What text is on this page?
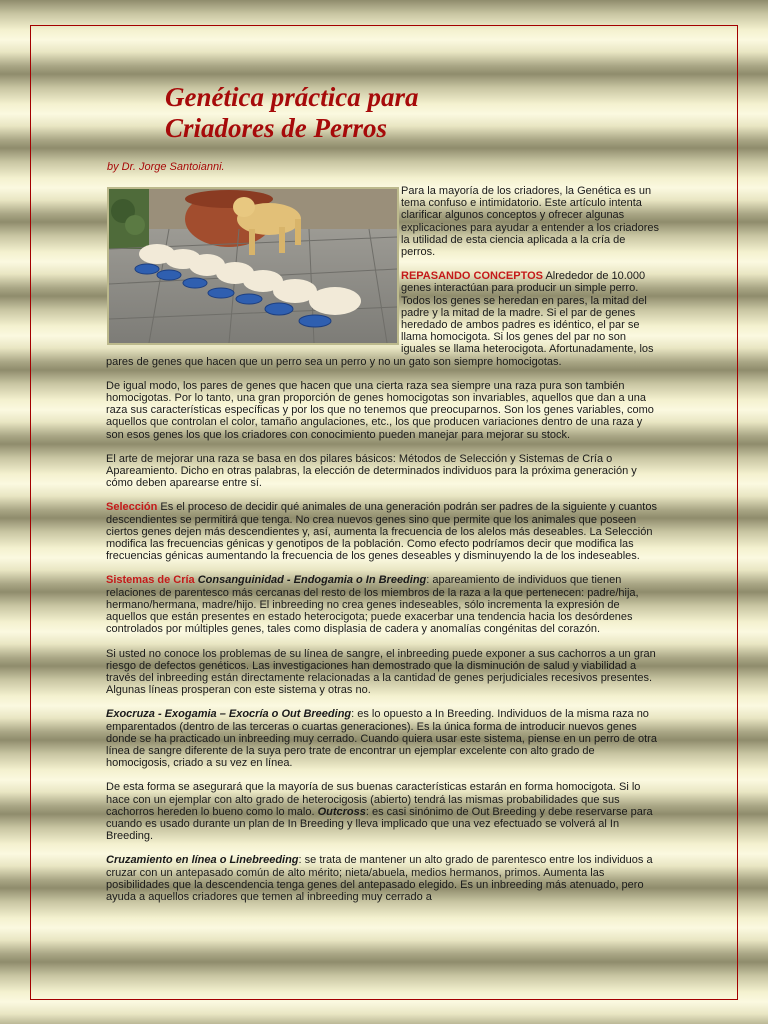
Genética práctica para
Criadores de Perros

by Dr. Jorge Santoianni.

Para la mayoría de los criadores, la Genética es un tema confuso e intimidatorio. Este artículo intenta clarificar algunos conceptos y ofrecer algunas explicaciones para ayudar a entender a los criadores la utilidad de esta ciencia aplicada a la cría de perros.

REPASANDO CONCEPTOS Alrededor de 10.000 genes interactúan para producir un simple perro. Todos los genes se heredan en pares, la mitad del padre y la mitad de la madre. Si el par de genes heredado de ambos padres es idéntico, el par se llama homocigota. Si los genes del par no son iguales se llama heterocigota. Afortunadamente, los pares de genes que hacen que un perro sea un perro y no un gato son siempre homocigotas.

De igual modo, los pares de genes que hacen que una cierta raza sea siempre una raza pura son también homocigotas. Por lo tanto, una gran proporción de genes homocigotas son invariables, aquellos que dan a una raza sus características específicas y por los que no tenemos que preocuparnos. Son los genes variables, como aquellos que controlan el color, tamaño angulaciones, etc., los que producen variaciones dentro de una raza y son esos genes los que los criadores con conocimiento pueden manejar para mejorar su stock.

El arte de mejorar una raza se basa en dos pilares básicos: Métodos de Selección y Sistemas de Cría o Apareamiento. Dicho en otras palabras, la elección de determinados individuos para la próxima generación y cómo deben aparearse entre sí.

Selección Es el proceso de decidir qué animales de una generación podrán ser padres de la siguiente y cuantos descendientes se permitirá que tenga. No crea nuevos genes sino que permite que los animales que poseen ciertos genes dejen más descendientes y, así, aumenta la frecuencia de los alelos más deseables. La Selección modifica las frecuencias génicas y genotipos de la población. Como efecto podríamos decir que modifica las frecuencias génicas aumentando la frecuencia de los genes deseables y disminuyendo la de los indeseables.

Sistemas de Cría Consanguinidad - Endogamia o In Breeding: apareamiento de individuos que tienen relaciones de parentesco más cercanas del resto de los miembros de la raza a la que pertenecen: padre/hija, hermano/hermana, madre/hijo. El inbreeding no crea genes indeseables, sólo incrementa la expresión de aquellos que están presentes en estado heterocigota; puede exacerbar una tendencia hacia los desórdenes controlados por múltiples genes, tales como displasia de cadera y anomalías congénitas del corazón.

Si usted no conoce los problemas de su línea de sangre, el inbreeding puede exponer a sus cachorros a un gran riesgo de defectos genéticos. Las investigaciones han demostrado que la disminución de salud y viabilidad a través del inbreeding están directamente relacionadas a la cantidad de genes perjudiciales recesivos presentes. Algunas líneas prosperan con este sistema y otras no.

Exocruza - Exogamia – Exocría o Out Breeding: es lo opuesto a In Breeding. Individuos de la misma raza no emparentados (dentro de las terceras o cuartas generaciones). Es la única forma de introducir nuevos genes donde se ha practicado un inbreeding muy cerrado. Cuando quiera usar este sistema, piense en un perro de otra línea de sangre diferente de la suya pero trate de encontrar un ejemplar excelente con alto grado de homocigosis, criado a su vez en línea.

De esta forma se asegurará que la mayoría de sus buenas características estarán en forma homocigota. Si lo hace con un ejemplar con alto grado de heterocigosis (abierto) tendrá las mismas probabilidades que sus cachorros hereden lo bueno como lo malo. Outcross: es casi sinónimo de Out Breeding y debe reservarse para cuando es usado durante un plan de In Breeding y lleva implicado que una vez efectuado se volverá al In Breeding.

Cruzamiento en línea o Linebreeding: se trata de mantener un alto grado de parentesco entre los individuos a cruzar con un antepasado común de alto mérito; nieta/abuela, medios hermanos, primos. Aumenta las posibilidades que la descendencia tenga genes del antepasado elegido. Es un inbreeding más atenuado, pero ayuda a aquellos criadores que temen al inbreeding muy cerrado a
